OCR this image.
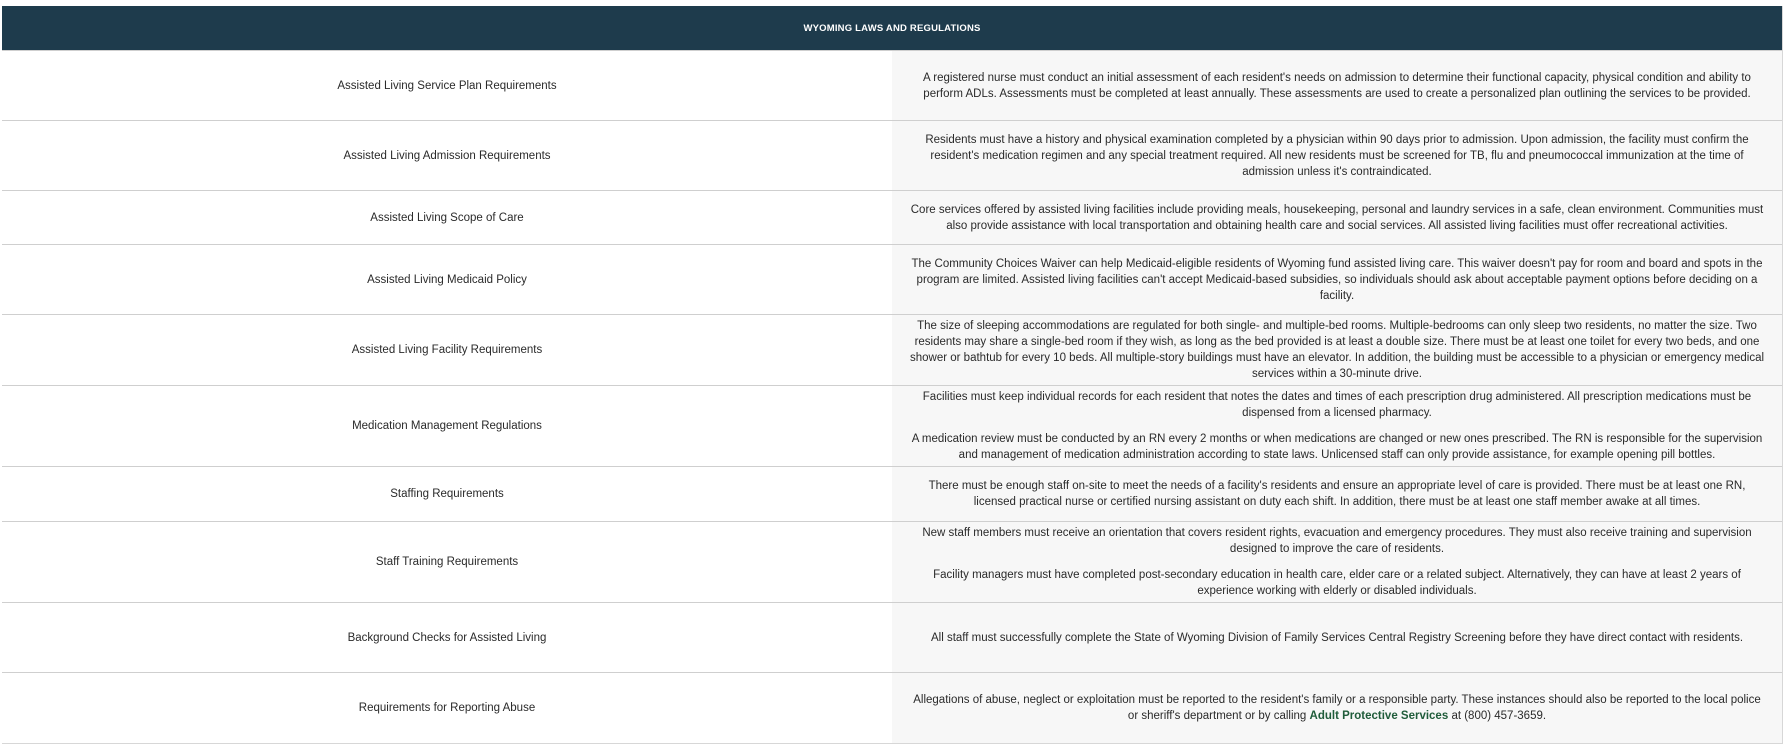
WYOMING LAWS AND REGULATIONS	
Assisted Living Service Plan Requirements	A registered nurse must conduct an initial assessment of each resident's needs on admission to determine their functional capacity, physical condition and ability to perform ADLs. Assessments must be completed at least annually. These assessments are used to create a personalized plan outlining the services to be provided.

Assisted Living Admission Requirements	Residents must have a history and physical examination completed by a physician within 90 days prior to admission. Upon admission, the facility must confirm the resident's medication regimen and any special treatment required. All new residents must be screened for TB, flu and pneumococcal immunization at the time of admission unless it's contraindicated.

Assisted Living Scope of Care	Core services offered by assisted living facilities include providing meals, housekeeping, personal and laundry services in a safe, clean environment. Communities must also provide assistance with local transportation and obtaining health care and social services. All assisted living facilities must offer recreational activities.

Assisted Living Medicaid Policy	The Community Choices Waiver can help Medicaid-eligible residents of Wyoming fund assisted living care. This waiver doesn't pay for room and board and spots in the program are limited. Assisted living facilities can't accept Medicaid-based subsidies, so individuals should ask about acceptable payment options before deciding on a facility.

Assisted Living Facility Requirements	The size of sleeping accommodations are regulated for both single- and multiple-bed rooms. Multiple-bedrooms can only sleep two residents, no matter the size. Two residents may share a single-bed room if they wish, as long as the bed provided is at least a double size. There must be at least one toilet for every two beds, and one shower or bathtub for every 10 beds. All multiple-story buildings must have an elevator. In addition, the building must be accessible to a physician or emergency medical services within a 30-minute drive.

Medication Management Regulations	Facilities must keep individual records for each resident that notes the dates and times of each prescription drug administered. All prescription medications must be dispensed from a licensed pharmacy.

A medication review must be conducted by an RN every 2 months or when medications are changed or new ones prescribed. The RN is responsible for the supervision and management of medication administration according to state laws. Unlicensed staff can only provide assistance, for example opening pill bottles.

Staffing Requirements	There must be enough staff on-site to meet the needs of a facility's residents and ensure an appropriate level of care is provided. There must be at least one RN, licensed practical nurse or certified nursing assistant on duty each shift. In addition, there must be at least one staff member awake at all times.

Staff Training Requirements	New staff members must receive an orientation that covers resident rights, evacuation and emergency procedures. They must also receive training and supervision designed to improve the care of residents.

Facility managers must have completed post-secondary education in health care, elder care or a related subject. Alternatively, they can have at least 2 years of experience working with elderly or disabled individuals.

Background Checks for Assisted Living	All staff must successfully complete the State of Wyoming Division of Family Services Central Registry Screening before they have direct contact with residents.

Requirements for Reporting Abuse	Allegations of abuse, neglect or exploitation must be reported to the resident's family or a responsible party. These instances should also be reported to the local police or sheriff's department or by calling Adult Protective Services at (800) 457-3659.
